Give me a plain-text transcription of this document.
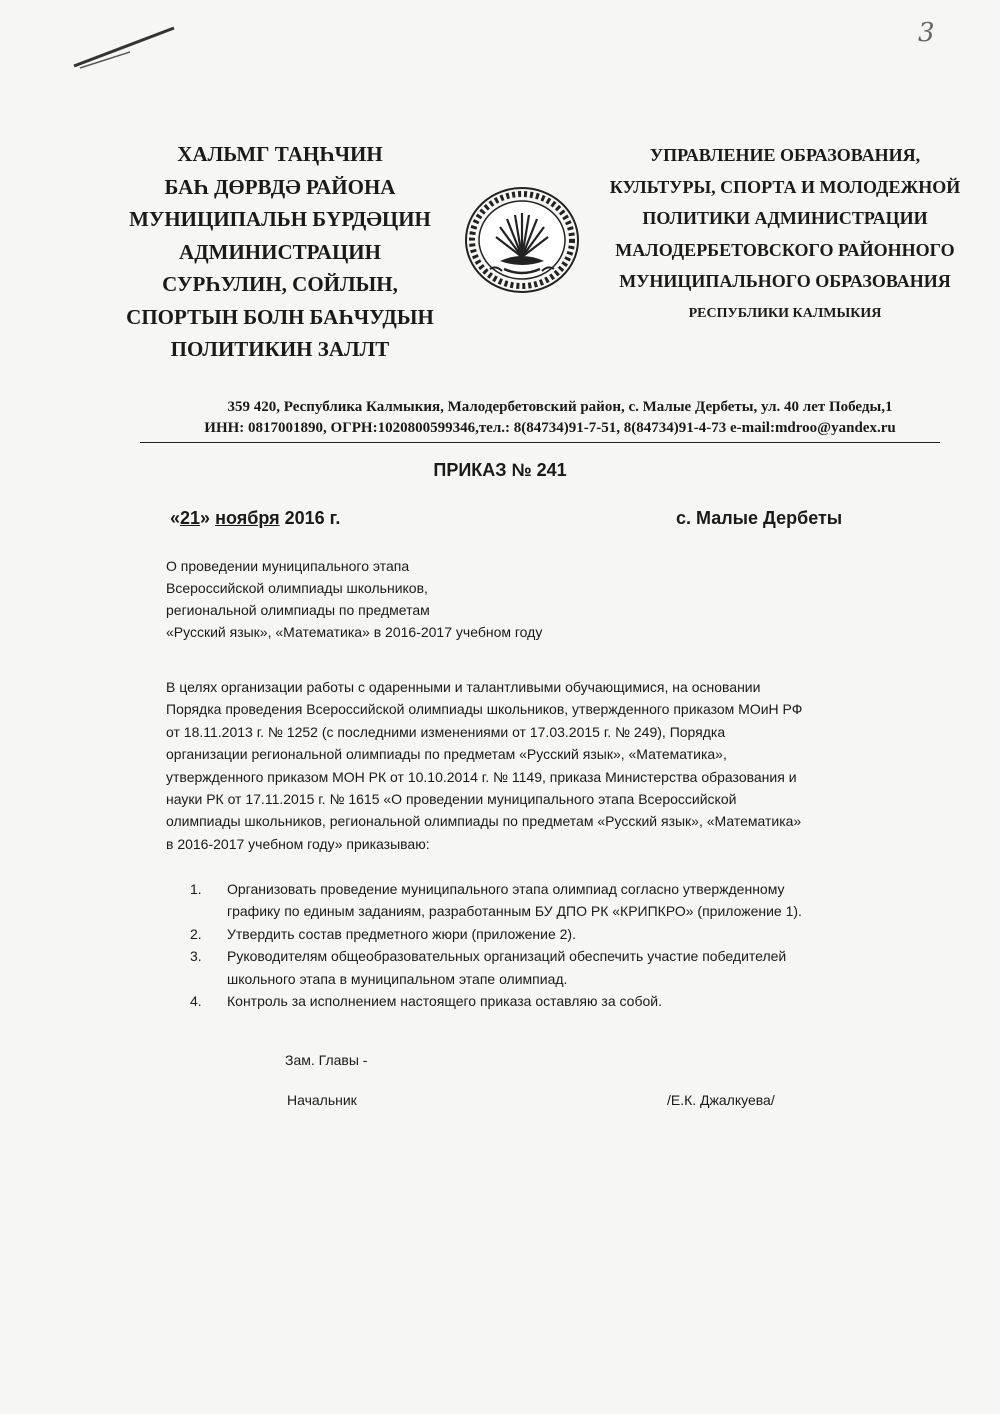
3
ХАЛЬМГ ТАҢҺЧИН
БАҺ ДӨРВДӘ РАЙОНА
МУНИЦИПАЛЬН БҮРДӘЦИН
АДМИНИСТРАЦИН
СУРҺУЛИН, СОЙЛЫН,
СПОРТЫН БОЛН БАҺЧУДЫН
ПОЛИТИКИН ЗАЛЛТ
УПРАВЛЕНИЕ ОБРАЗОВАНИЯ,
КУЛЬТУРЫ, СПОРТА И МОЛОДЕЖНОЙ
ПОЛИТИКИ АДМИНИСТРАЦИИ
МАЛОДЕРБЕТОВСКОГО РАЙОННОГО
МУНИЦИПАЛЬНОГО ОБРАЗОВАНИЯ
РЕСПУБЛИКИ КАЛМЫКИЯ
359 420, Республика Калмыкия, Малодербетовский район, с. Малые Дербеты, ул. 40 лет Победы,1
ИНН: 0817001890, ОГРН:1020800599346,тел.: 8(84734)91-7-51, 8(84734)91-4-73 e-mail:mdroo@yandex.ru
ПРИКАЗ № 241
«21» ноября 2016 г.	с. Малые Дербеты
О проведении муниципального этапа
Всероссийской олимпиады школьников,
региональной олимпиады по предметам
«Русский язык», «Математика» в 2016-2017 учебном году
В целях организации работы с одаренными и талантливыми обучающимися, на основании
Порядка проведения Всероссийской олимпиады школьников, утвержденного приказом МОиН РФ
от 18.11.2013 г. № 1252 (с последними изменениями от 17.03.2015 г. № 249), Порядка
организации региональной олимпиады по предметам «Русский язык», «Математика»,
утвержденного приказом МОН РК от 10.10.2014 г. № 1149, приказа Министерства образования и
науки РК от 17.11.2015 г. № 1615 «О проведении муниципального этапа Всероссийской
олимпиады школьников, региональной олимпиады по предметам «Русский язык», «Математика»
в 2016-2017 учебном году» приказываю:
1. Организовать проведение муниципального этапа олимпиад согласно утвержденному
графику по единым заданиям, разработанным БУ ДПО РК «КРИПКРО» (приложение 1).
2. Утвердить состав предметного жюри (приложение 2).
3. Руководителям общеобразовательных организаций обеспечить участие победителей
школьного этапа в муниципальном этапе олимпиад.
4. Контроль за исполнением настоящего приказа оставляю за собой.
Зам. Главы -
Начальник	/Е.К. Джалкуева/
